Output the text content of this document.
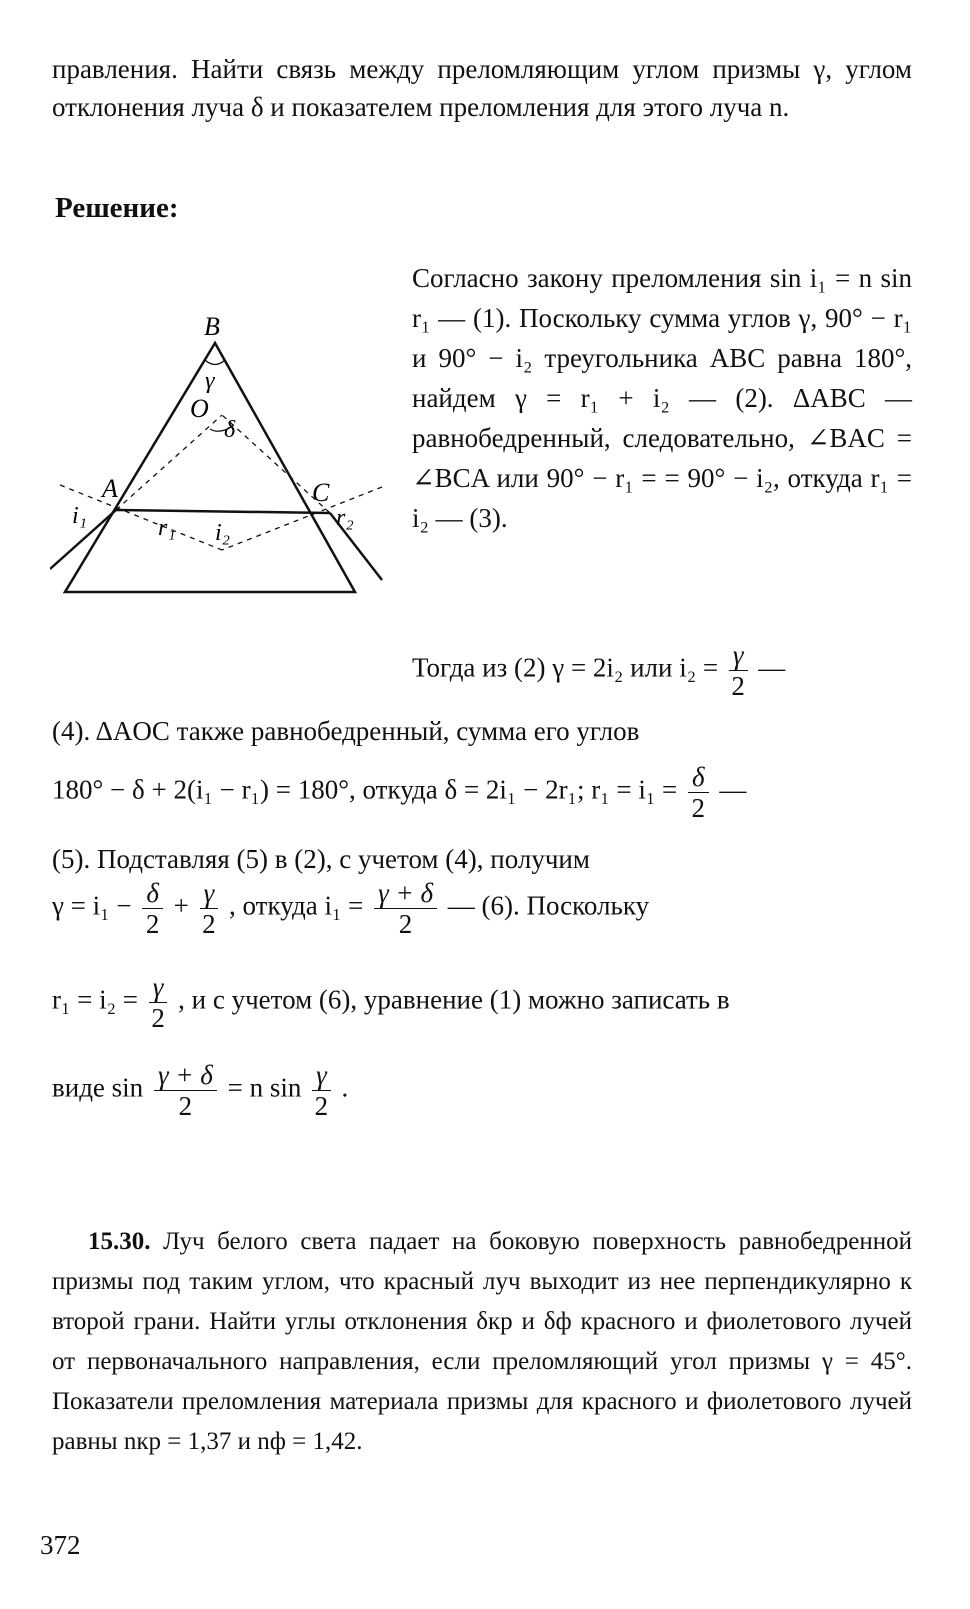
правления. Найти связь между преломляющим углом призмы γ, углом отклонения луча δ и показателем преломления для этого луча n.
Решение:
B
γ
O
δ
A	C
i₁	r₁ i₂
r₂
Согласно закону преломления sin i₁ = n sin r₁ — (1). Поскольку сумма углов γ, 90° − r₁ и 90° − i₂ треугольника ABC равна 180°, найдем γ = r₁ + i₂ — (2). ΔABC — равнобедренный, следовательно, ∠BAC = ∠BCA или 90° − r₁ = = 90° − i₂, откуда r₁ = i₂ — (3).
Тогда из (2) γ = 2i₂ или $i_2 = \frac{\gamma}{2}$ —
(4). ΔAOC также равнобедренный, сумма его углов
180° − δ + 2(i₁ − r₁) = 180°, откуда δ = 2i₁ − 2r₁; $r_1 = i_1 = \frac{\delta}{2}$ —
(5). Подставляя (5) в (2), с учетом (4), получим
$\gamma = i_1 - \frac{\delta}{2} + \frac{\gamma}{2}$ , откуда $i_1 = \frac{\gamma + \delta}{2}$ — (6). Поскольку
$r_1 = i_2 = \frac{\gamma}{2}$ , и с учетом (6), уравнение (1) можно записать в
виде $\sin \frac{\gamma + \delta}{2} = n$ $\sin \frac{\gamma}{2}$ .
15.30. Луч белого света падает на боковую поверхность равнобедренной призмы под таким углом, что красный луч выходит из нее перпендикулярно к второй грани. Найти углы отклонения δкр и δф красного и фиолетового лучей от первоначального направления, если преломляющий угол призмы γ = 45°. Показатели преломления материала призмы для красного и фиолетового лучей равны nкр = 1,37 и nф = 1,42.
372
